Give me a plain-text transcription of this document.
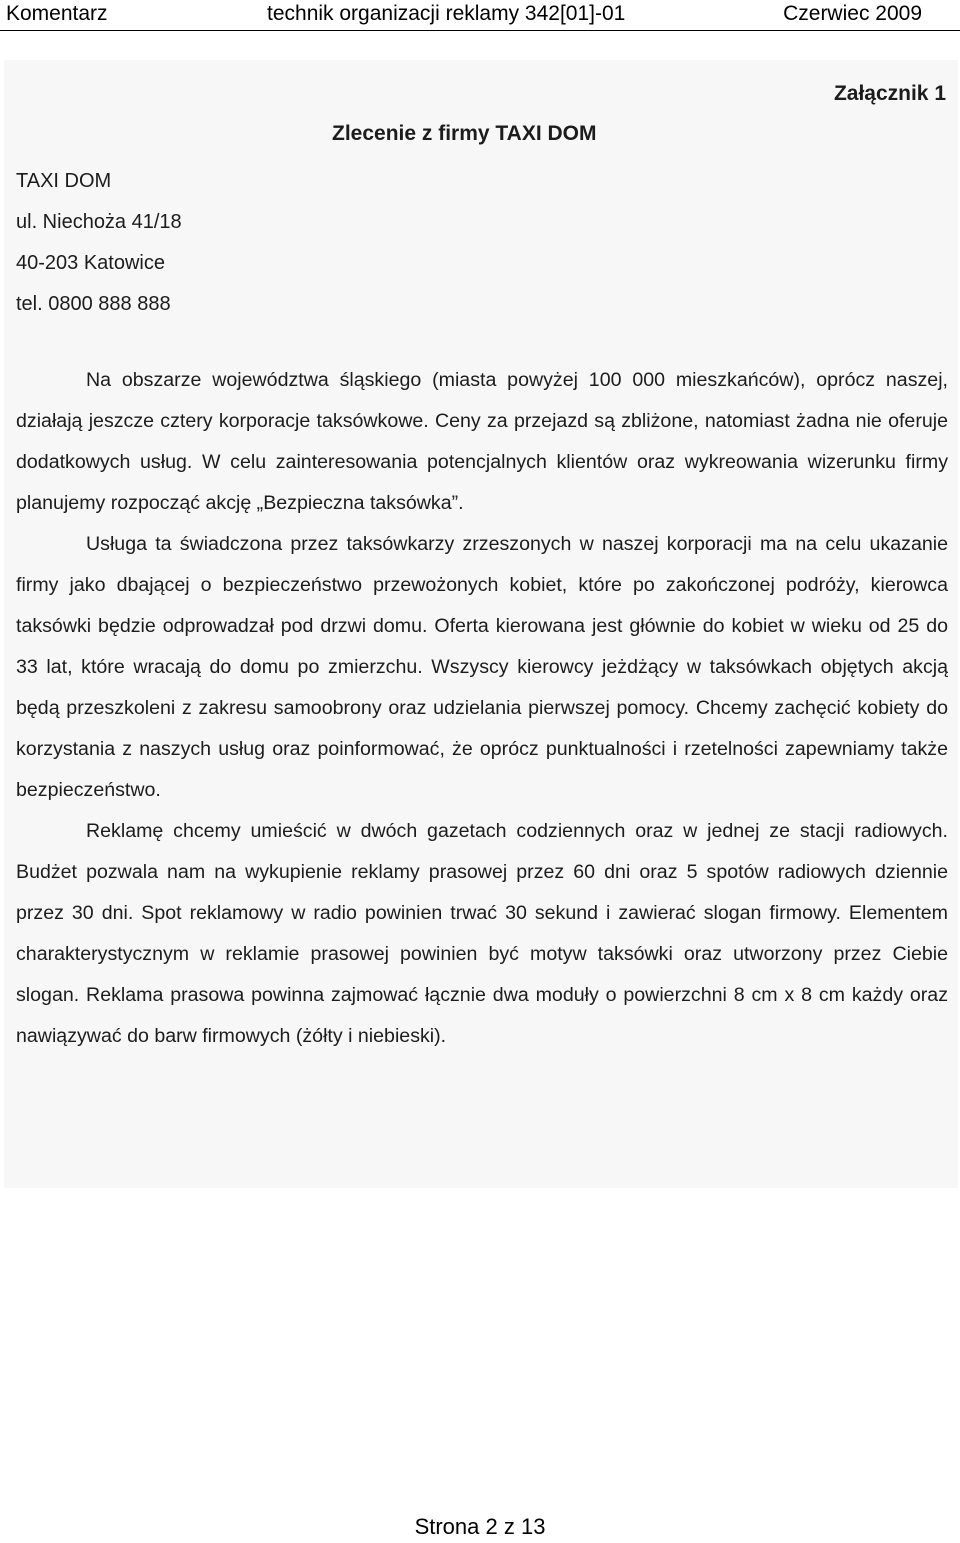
Komentarz	technik organizacji reklamy 342[01]-01	Czerwiec 2009
Załącznik 1
Zlecenie z firmy TAXI DOM
TAXI DOM
ul. Niechoża 41/18
40-203 Katowice
tel. 0800 888 888

Na obszarze województwa śląskiego (miasta powyżej 100 000 mieszkańców), oprócz naszej, działają jeszcze cztery korporacje taksówkowe. Ceny za przejazd są zbliżone, natomiast żadna nie oferuje dodatkowych usług. W celu zainteresowania potencjalnych klientów oraz wykreowania wizerunku firmy planujemy rozpocząć akcję „Bezpieczna taksówka”.

Usługa ta świadczona przez taksówkarzy zrzeszonych w naszej korporacji ma na celu ukazanie firmy jako dbającej o bezpieczeństwo przewożonych kobiet, które po zakończonej podróży, kierowca taksówki będzie odprowadzał pod drzwi domu. Oferta kierowana jest głównie do kobiet w wieku od 25 do 33 lat, które wracają do domu po zmierzchu. Wszyscy kierowcy jeżdżący w taksówkach objętych akcją będą przeszkoleni z zakresu samoobrony oraz udzielania pierwszej pomocy. Chcemy zachęcić kobiety do korzystania z naszych usług oraz poinformować, że oprócz punktualności i rzetelności zapewniamy także bezpieczeństwo.

Reklamę chcemy umieścić w dwóch gazetach codziennych oraz w jednej ze stacji radiowych. Budżet pozwala nam na wykupienie reklamy prasowej przez 60 dni oraz 5 spotów radiowych dziennie przez 30 dni. Spot reklamowy w radio powinien trwać 30 sekund i zawierać slogan firmowy. Elementem charakterystycznym w reklamie prasowej powinien być motyw taksówki oraz utworzony przez Ciebie slogan. Reklama prasowa powinna zajmować łącznie dwa moduły o powierzchni 8 cm x 8 cm każdy oraz nawiązywać do barw firmowych (żółty i niebieski).

Strona 2 z 13
